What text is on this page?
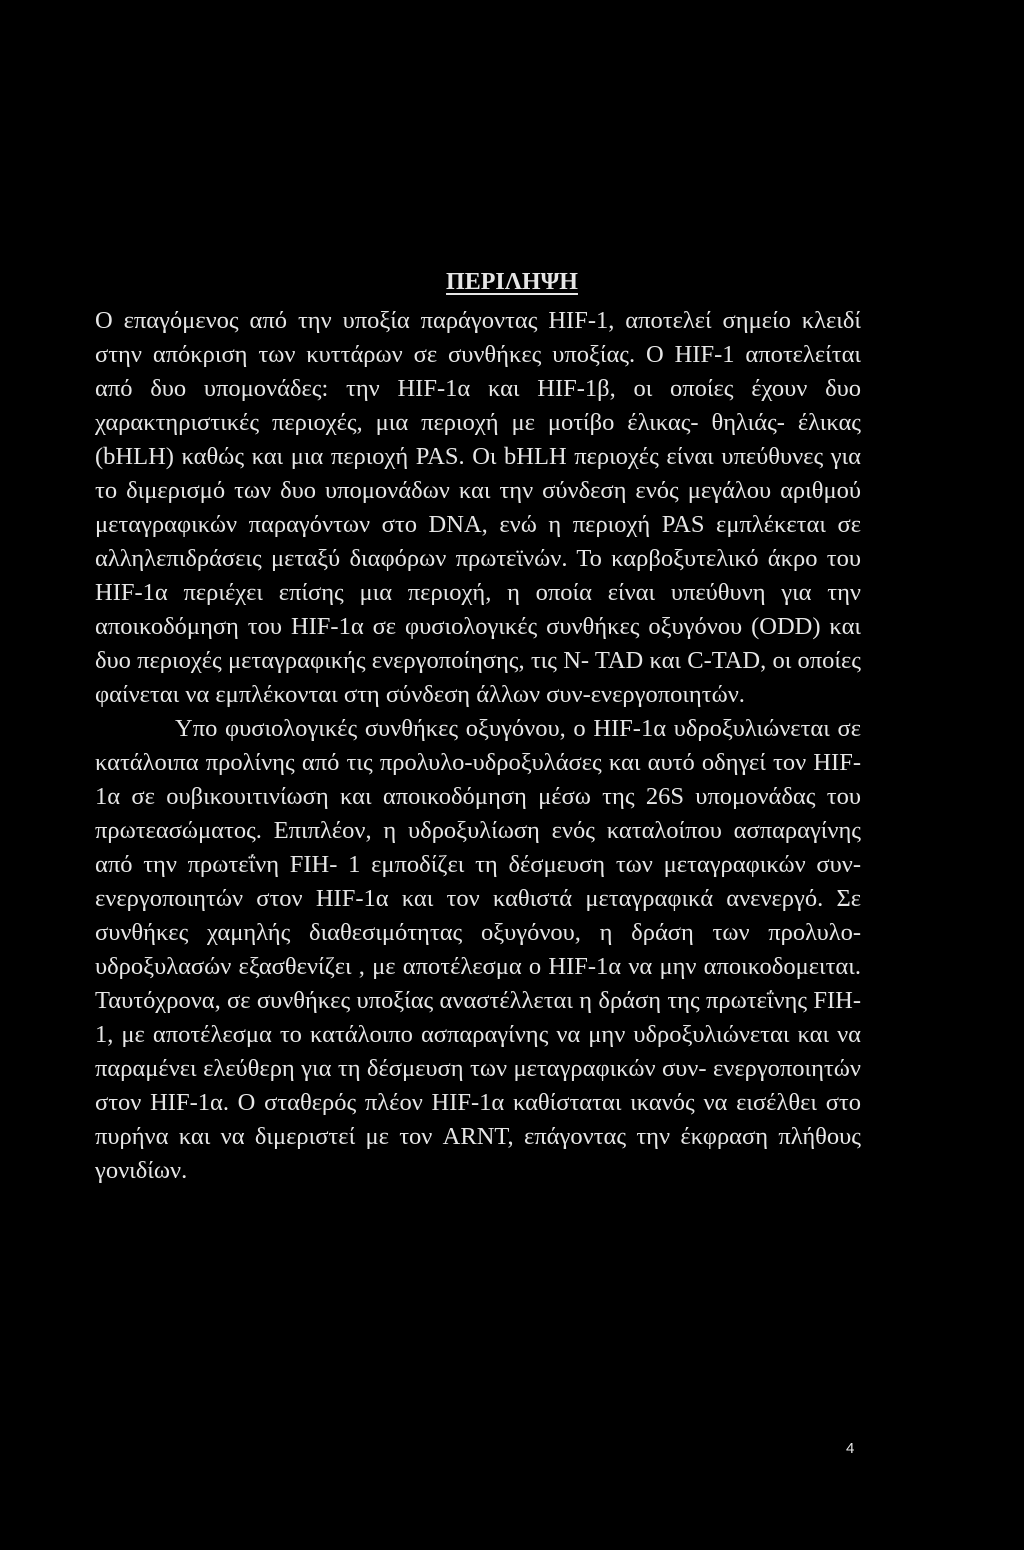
ΠΕΡΙΛΗΨΗ

Ο επαγόμενος από την υποξία παράγοντας HIF-1, αποτελεί σημείο κλειδί στην απόκριση των κυττάρων σε συνθήκες υποξίας. Ο HIF-1 αποτελείται από δυο υπομονάδες: την HIF-1α και HIF-1β, οι οποίες έχουν δυο χαρακτηριστικές περιοχές, μια περιοχή με μοτίβο έλικας- θηλιάς- έλικας (bHLH) καθώς και μια περιοχή PAS. Οι bHLH περιοχές είναι υπεύθυνες για το διμερισμό των δυο υπομονάδων και την σύνδεση ενός μεγάλου αριθμού μεταγραφικών παραγόντων στο DNA, ενώ η περιοχή PAS εμπλέκεται σε αλληλεπιδράσεις μεταξύ διαφόρων πρωτεϊνών. Το καρβοξυτελικό άκρο του HIF-1α περιέχει επίσης μια περιοχή, η οποία είναι υπεύθυνη για την αποικοδόμηση του HIF-1α σε φυσιολογικές συνθήκες οξυγόνου (ODD) και δυο περιοχές μεταγραφικής ενεργοποίησης, τις N- TAD και C-TAD, οι οποίες φαίνεται να εμπλέκονται στη σύνδεση άλλων συν-ενεργοποιητών.

Υπο φυσιολογικές συνθήκες οξυγόνου, ο HIF-1α υδροξυλιώνεται σε κατάλοιπα προλίνης από τις προλυλο-υδροξυλάσες και αυτό οδηγεί τον HIF-1α σε ουβικουιτινίωση και αποικοδόμηση μέσω της 26S υπομονάδας του πρωτεασώματος. Επιπλέον, η υδροξυλίωση ενός καταλοίπου ασπαραγίνης από την πρωτεΐνη FIH- 1 εμποδίζει τη δέσμευση των μεταγραφικών συν- ενεργοποιητών στον HIF-1α και τον καθιστά μεταγραφικά ανενεργό. Σε συνθήκες χαμηλής διαθεσιμότητας οξυγόνου, η δράση των προλυλο- υδροξυλασών εξασθενίζει , με αποτέλεσμα ο HIF-1α να μην αποικοδομειται. Ταυτόχρονα, σε συνθήκες υποξίας αναστέλλεται η δράση της πρωτεΐνης FIH- 1, με αποτέλεσμα το κατάλοιπο ασπαραγίνης να μην υδροξυλιώνεται και να παραμένει ελεύθερη για τη δέσμευση των μεταγραφικών συν- ενεργοποιητών στον HIF-1α. Ο σταθερός πλέον HIF-1α καθίσταται ικανός να εισέλθει στο πυρήνα και να διμεριστεί με τον ARNT, επάγοντας την έκφραση πλήθους γονιδίων.

4
